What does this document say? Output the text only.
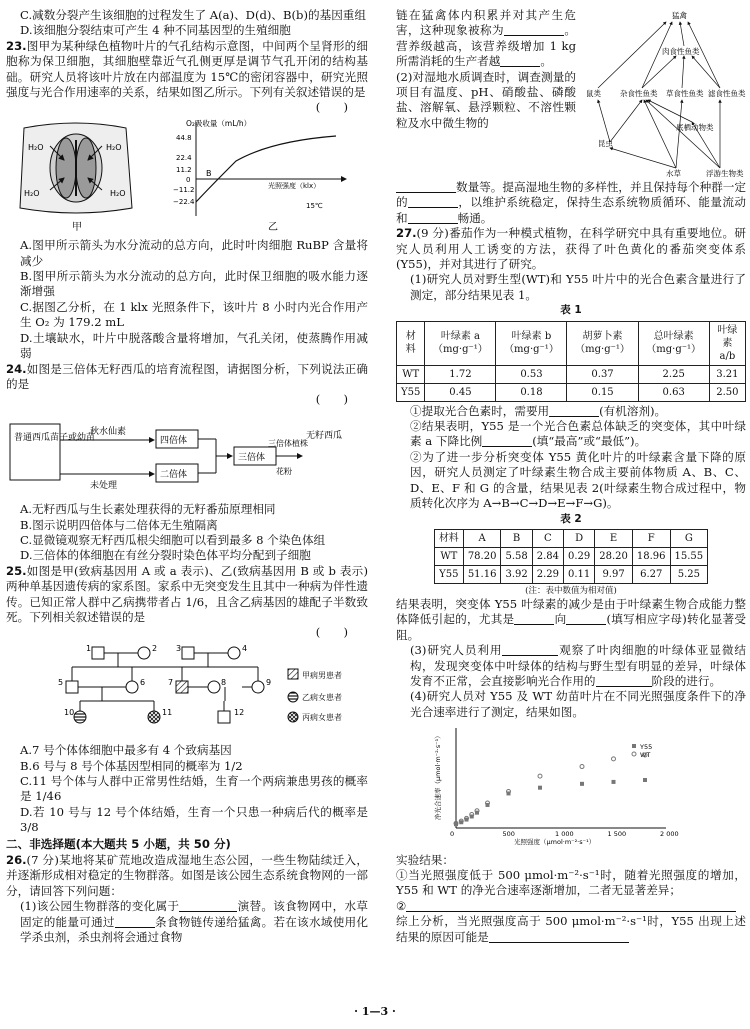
C.减数分裂产生该细胞的过程发生了 A(a)、D(d)、B(b)的基因重组

D.该细胞分裂结束可产生 4 种不同基因型的生殖细胞

23.图甲为某种绿色植物叶片的气孔结构示意图，中间两个呈肾形的细胞称为保卫细胞，其细胞壁靠近气孔侧更厚是调节气孔开闭的结构基础。研究人员将该叶片放在内部温度为 15℃的密闭容器中，研究光照强度与光合作用速率的关系，结果如图乙所示。下列有关叙述错误的是
(　　)

H₂O	H₂O
H₂O	H₂O
甲
O₂吸收量（mL/h）
44.8
22.4
11.2
0
−11.2
−22.4
B
光照强度（klx）
15℃
乙

A.图甲所示箭头为水分流动的总方向，此时叶肉细胞 RuBP 含量将减少

B.图甲所示箭头为水分流动的总方向，此时保卫细胞的吸水能力逐渐增强

C.据图乙分析，在 1 klx 光照条件下，该叶片 8 小时内光合作用产生 O₂ 为 179.2 mL

D.土壤缺水，叶片中脱落酸含量将增加，气孔关闭，使蒸腾作用减弱

24.如图是三倍体无籽西瓜的培育流程图，请据图分析，下列说法正确的是
(　　)

普通西瓜苗子或幼苗
秋水仙素
未处理
四倍体
二倍体
三倍体
三倍体植株
花粉
无籽西瓜

A.无籽西瓜与生长素处理获得的无籽番茄原理相同

B.图示说明四倍体与二倍体无生殖隔离

C.显微镜观察无籽西瓜根尖细胞可以看到最多 8 个染色体组

D.三倍体的体细胞在有丝分裂时染色体平均分配到子细胞

25.如图是甲(致病基因用 A 或 a 表示)、乙(致病基因用 B 或 b 表示)两种单基因遗传病的家系图。家系中无突变发生且其中一种病为伴性遗传。已知正常人群中乙病携带者占 1/6，且含乙病基因的雄配子半数致死。下列相关叙述错误的是
(　　)

1	2 3	4
5	6	7	8	9
10	11	12
甲病男患者
乙病女患者
丙病女患者

A.7 号个体体细胞中最多有 4 个致病基因

B.6 号与 8 号个体基因型相同的概率为 1/2

C.11 号个体与人群中正常男性结婚，生育一个两病兼患男孩的概率是 1/46

D.若 10 号与 12 号个体结婚，生育一个只患一种病后代的概率是 3/8

二、非选择题(本大题共 5 小题，共 50 分)

26.(7 分)某地将某矿荒地改造成湿地生态公园，一些生物陆续迁入，并逐渐形成相对稳定的生物群落。如图是该公园生态系统食物网的一部分，请回答下列问题：

(1)该公园生物群落的变化属于	演替。该食物网中，水草固定的能量可通过	条食物链传递给猛禽。若在该水域使用化学杀虫剂，杀虫剂将会通过食物

链在猛禽体内积累并对其产生危害，这种现象被称为	。营养级越高，该营养级增加 1 kg 所需消耗的生产者越	。

(2)对湿地水质调查时，调查测量的项目有温度、pH、硝酸盐、磷酸盐、溶解氧、悬浮颗粒、不溶性颗粒及水中微生物的

猛禽
肉食性鱼类
鼠类	杂食性鱼类 草食性鱼类 滤食性鱼类
昆虫
底栖动物类
水草	浮游生物类

数量等。提高湿地生物的多样性，并且保持每个种群一定的	，以维护系统稳定，保持生态系统物质循环、能量流动和	畅通。

27.(9 分)番茄作为一种模式植物，在科学研究中具有重要地位。研究人员利用人工诱变的方法，获得了叶色黄化的番茄突变体系(Y55)，并对其进行了研究。

(1)研究人员对野生型(WT)和 Y55 叶片中的光合色素含量进行了测定，部分结果见表 1。

表 1
材料	叶绿素 a（mg·g⁻¹）	叶绿素 b（mg·g⁻¹）	胡萝卜素（mg·g⁻¹）	总叶绿素（mg·g⁻¹）	叶绿素 a/b
WT	1.72	0.53	0.37	2.25	3.21
Y55	0.45	0.18	0.15	0.63	2.50

①提取光合色素时，需要用	(有机溶剂)。

②结果表明，Y55 是一个光合色素总体缺乏的突变体，其中叶绿素 a 下降比例	(填“最高”或“最低”)。

②为了进一步分析突变体 Y55 黄化叶片的叶绿素含量下降的原因，研究人员测定了叶绿素生物合成主要前体物质 A、B、C、D、E、F 和 G 的含量，结果见表 2(叶绿素生物合成过程中，物质转化次序为 A→B→C→D→E→F→G)。

表 2
材料	A	B	C	D	E	F	G
WT	78.20	5.58	2.84	0.29	28.20	18.96	15.55
Y55	51.16	3.92	2.29	0.11	9.97	6.27	5.25
(注：表中数值为相对值)

结果表明，突变体 Y55 叶绿素的减少是由于叶绿素生物合成能力整体降低引起的，尤其是	向	(填写相应字母)转化显著受阻。

(3)研究人员利用	观察了叶肉细胞的叶绿体亚显微结构，发现突变体中叶绿体的结构与野生型有明显的差异，叶绿体发育不正常，会直接影响光合作用的	阶段的进行。

(4)研究人员对 Y55 及 WT 幼苗叶片在不同光照强度条件下的净光合速率进行了测定，结果如图。

净光合速率（μmol·m⁻²·s⁻¹）
光照强度（μmol·m⁻²·s⁻¹）
0	500	1 000	1 500	2 000
Y55
WT

实验结果：

①当光照强度低于 500 μmol·m⁻²·s⁻¹时，随着光照强度的增加，Y55 和 WT 的净光合速率逐渐增加，二者无显著差异；

②

综上分析，当光照强度高于 500 μmol·m⁻²·s⁻¹时，Y55 出现上述结果的原因可能是

· 1—3 ·
